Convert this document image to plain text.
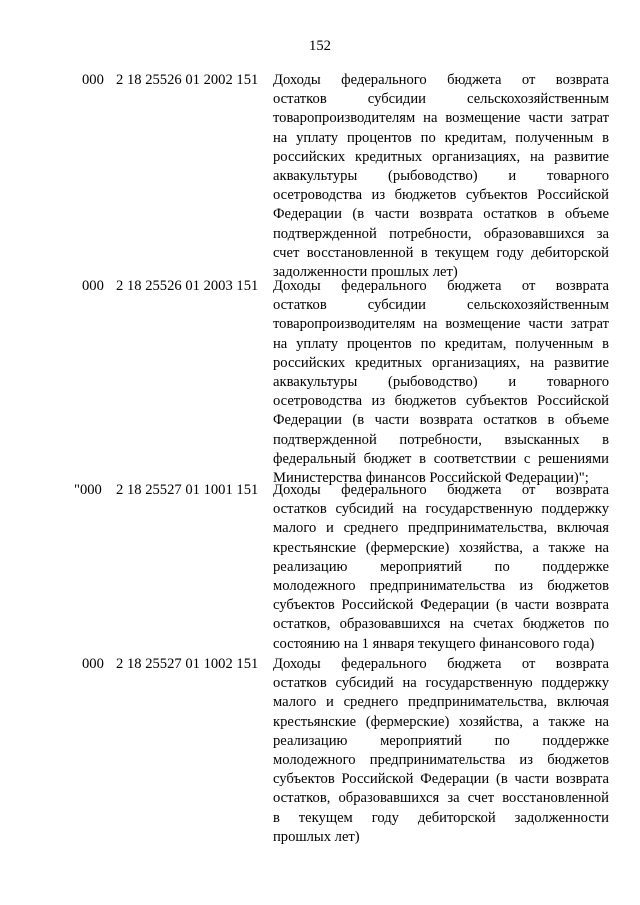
152
000 2 18 25526 01 2002 151	Доходы федерального бюджета от возврата
остатков субсидии сельскохозяйственным
товаропроизводителям на возмещение части затрат
на уплату процентов по кредитам, полученным в
российских кредитных организациях, на развитие
аквакультуры (рыбоводство) и товарного
осетроводства из бюджетов субъектов Российской
Федерации (в части возврата остатков в объеме
подтвержденной потребности, образовавшихся за
счет восстановленной в текущем году дебиторской
задолженности прошлых лет)
000 2 18 25526 01 2003 151	Доходы федерального бюджета от возврата
остатков субсидии сельскохозяйственным
товаропроизводителям на возмещение части затрат
на уплату процентов по кредитам, полученным в
российских кредитных организациях, на развитие
аквакультуры (рыбоводство) и товарного
осетроводства из бюджетов субъектов Российской
Федерации (в части возврата остатков в объеме
подтвержденной потребности, взысканных в
федеральный бюджет в соответствии с решениями
Министерства финансов Российской Федерации)";
"000 2 18 25527 01 1001 151	Доходы федерального бюджета от возврата
остатков субсидий на государственную поддержку
малого и среднего предпринимательства, включая
крестьянские (фермерские) хозяйства, а также на
реализацию мероприятий по поддержке
молодежного предпринимательства из бюджетов
субъектов Российской Федерации (в части возврата
остатков, образовавшихся на счетах бюджетов по
состоянию на 1 января текущего финансового года)
000 2 18 25527 01 1002 151	Доходы федерального бюджета от возврата
остатков субсидий на государственную поддержку
малого и среднего предпринимательства, включая
крестьянские (фермерские) хозяйства, а также на
реализацию мероприятий по поддержке
молодежного предпринимательства из бюджетов
субъектов Российской Федерации (в части возврата
остатков, образовавшихся за счет восстановленной
в текущем году дебиторской задолженности
прошлых лет)
